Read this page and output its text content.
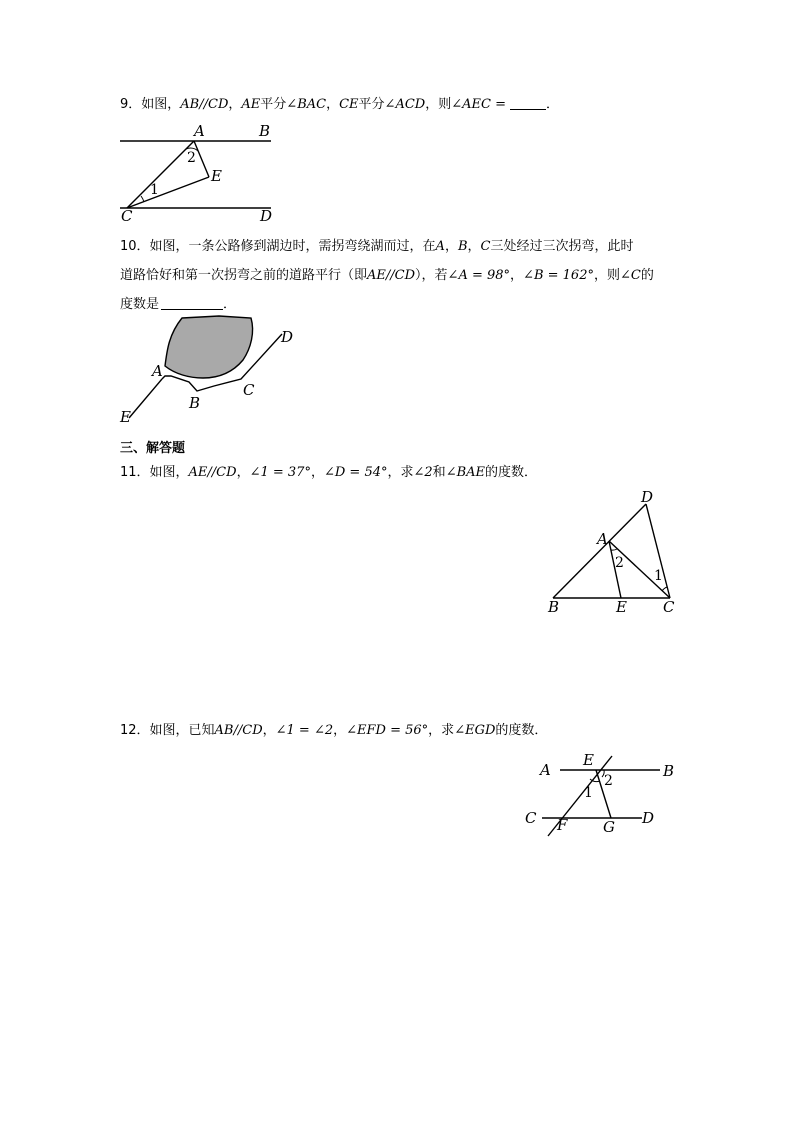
9．如图，AB//CD，AE平分∠BAC，CE平分∠ACD，则∠AEC =	．
A	B
C	D
E
1
2
10．如图，一条公路修到湖边时，需拐弯绕湖而过，在A，B，C三处经过三次拐弯，此时
道路恰好和第一次拐弯之前的道路平行（即AE//CD），若∠A = 98°，∠B = 162°，则∠C的
度数是	．
A
B
C
D
E
三、解答题
11．如图，AE//CD，∠1 = 37°，∠D = 54°，求∠2和∠BAE的度数．
A
B	C
D
E
1
2
12．如图，已知AB//CD，∠1 = ∠2，∠EFD = 56°，求∠EGD的度数．
A	B
C	D
E
F G
1
2
